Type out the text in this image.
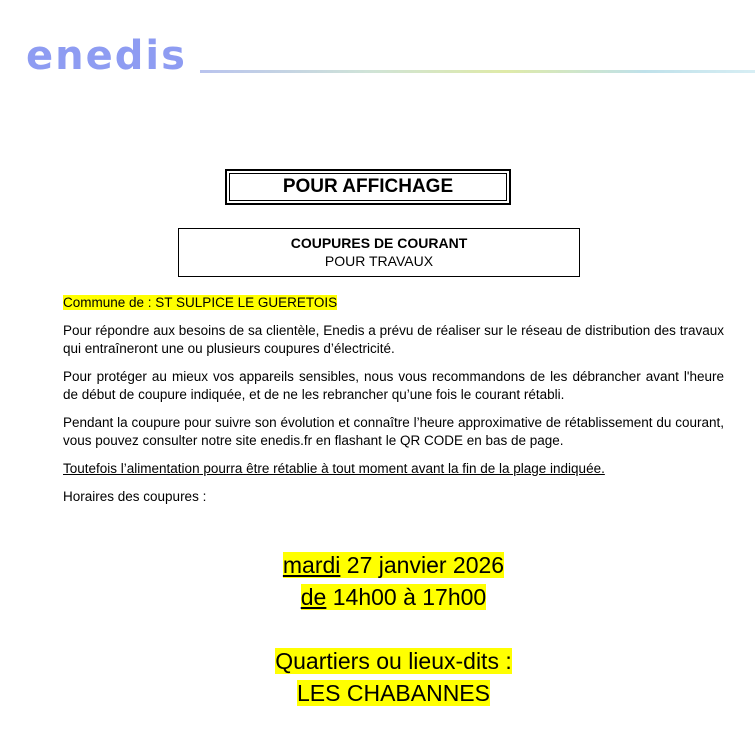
enedis
POUR AFFICHAGE
COUPURES DE COURANT
POUR TRAVAUX

Commune de : ST SULPICE LE GUERETOIS

Pour répondre aux besoins de sa clientèle, Enedis a prévu de réaliser sur le réseau de distribution des travaux qui entraîneront une ou plusieurs coupures d’électricité.

Pour protéger au mieux vos appareils sensibles, nous vous recommandons de les débrancher avant l'heure de début de coupure indiquée, et de ne les rebrancher qu’une fois le courant rétabli.

Pendant la coupure pour suivre son évolution et connaître l’heure approximative de rétablissement du courant, vous pouvez consulter notre site enedis.fr en flashant le QR CODE en bas de page.

Toutefois l’alimentation pourra être rétablie à tout moment avant la fin de la plage indiquée.

Horaires des coupures :

mardi 27 janvier 2026
de 14h00 à 17h00
Quartiers ou lieux-dits :
LES CHABANNES
